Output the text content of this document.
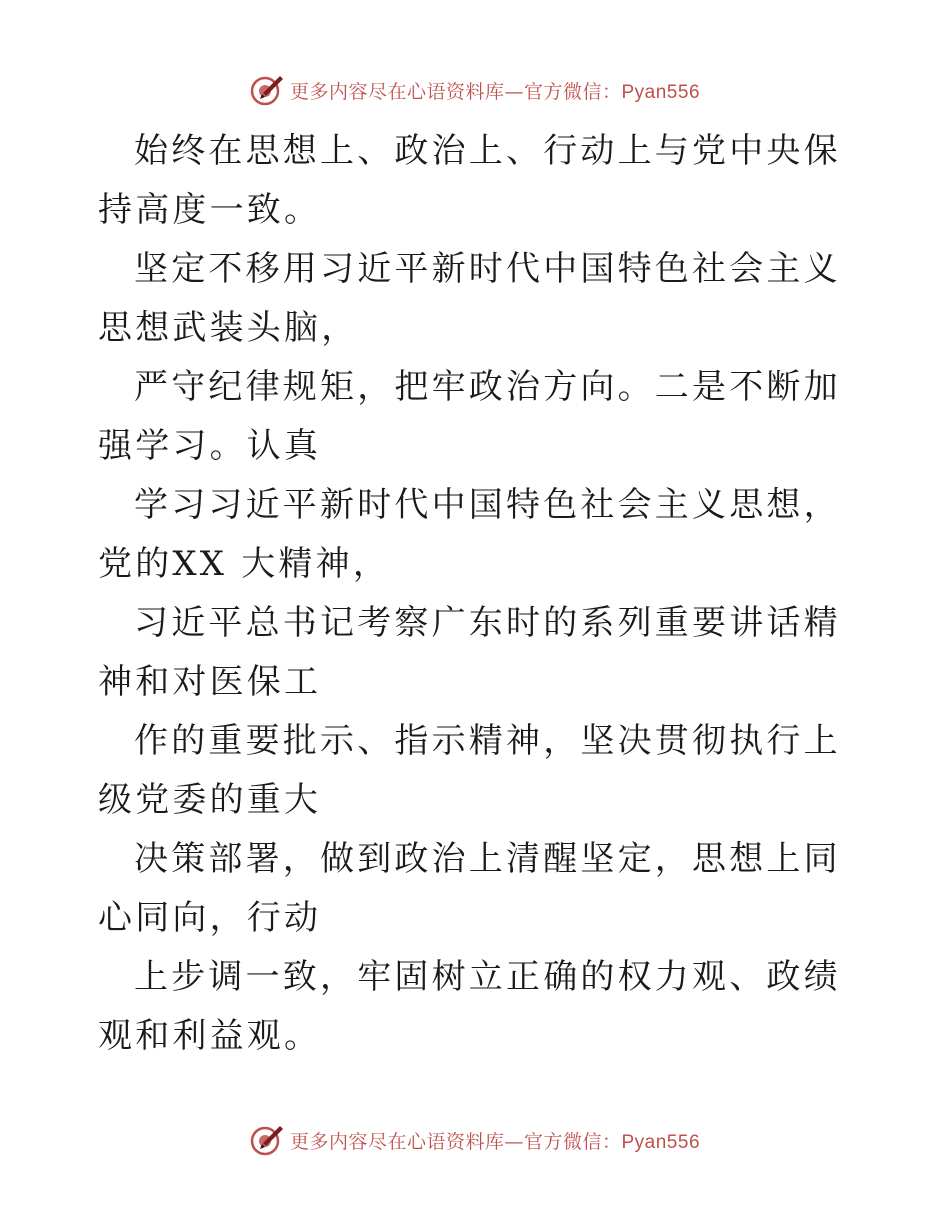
更多内容尽在心语资料库—官方微信：Pyan556

始终在思想上、政治上、行动上与党中央保持高度一致。

坚定不移用习近平新时代中国特色社会主义思想武装头脑，

严守纪律规矩，把牢政治方向。二是不断加强学习。认真

学习习近平新时代中国特色社会主义思想，党的XX 大精神，

习近平总书记考察广东时的系列重要讲话精神和对医保工

作的重要批示、指示精神，坚决贯彻执行上级党委的重大

决策部署，做到政治上清醒坚定，思想上同心同向，行动

上步调一致，牢固树立正确的权力观、政绩观和利益观。

更多内容尽在心语资料库—官方微信：Pyan556
